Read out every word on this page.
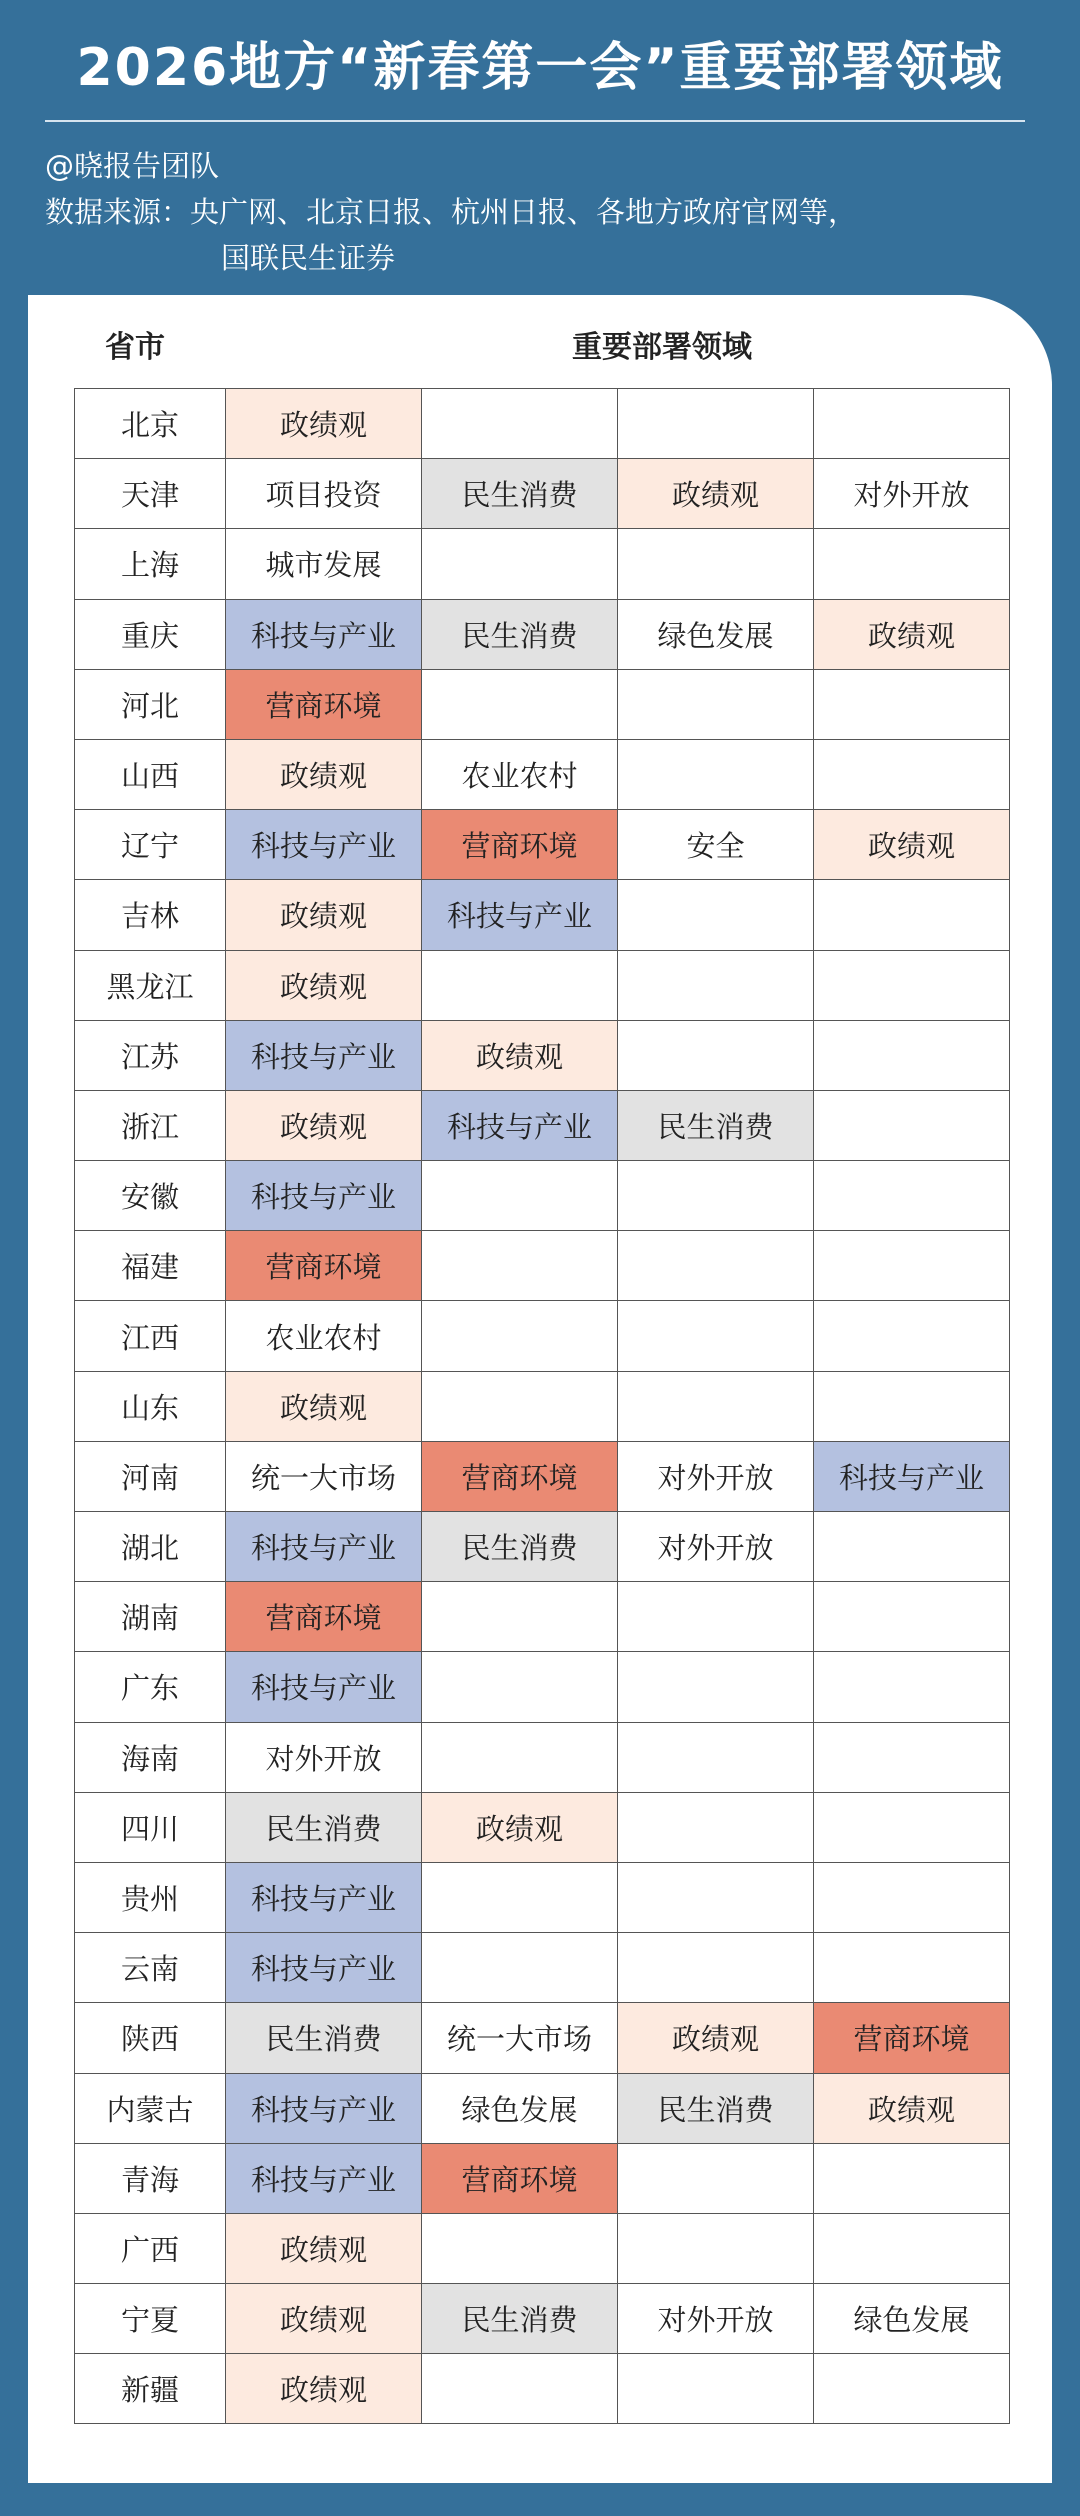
2026地方“新春第一会”重要部署领域
@晓报告团队
数据来源：央广网、北京日报、杭州日报、各地方政府官网等，
国联民生证券
省市	重要部署领域
北京	政绩观			
天津	项目投资	民生消费	政绩观	对外开放
上海	城市发展			
重庆	科技与产业	民生消费	绿色发展	政绩观
河北	营商环境			
山西	政绩观	农业农村		
辽宁	科技与产业	营商环境	安全	政绩观
吉林	政绩观	科技与产业		
黑龙江	政绩观			
江苏	科技与产业	政绩观		
浙江	政绩观	科技与产业	民生消费	
安徽	科技与产业			
福建	营商环境			
江西	农业农村			
山东	政绩观			
河南	统一大市场	营商环境	对外开放	科技与产业
湖北	科技与产业	民生消费	对外开放	
湖南	营商环境			
广东	科技与产业			
海南	对外开放			
四川	民生消费	政绩观		
贵州	科技与产业			
云南	科技与产业			
陕西	民生消费	统一大市场	政绩观	营商环境
内蒙古	科技与产业	绿色发展	民生消费	政绩观
青海	科技与产业	营商环境		
广西	政绩观			
宁夏	政绩观	民生消费	对外开放	绿色发展
新疆	政绩观			
